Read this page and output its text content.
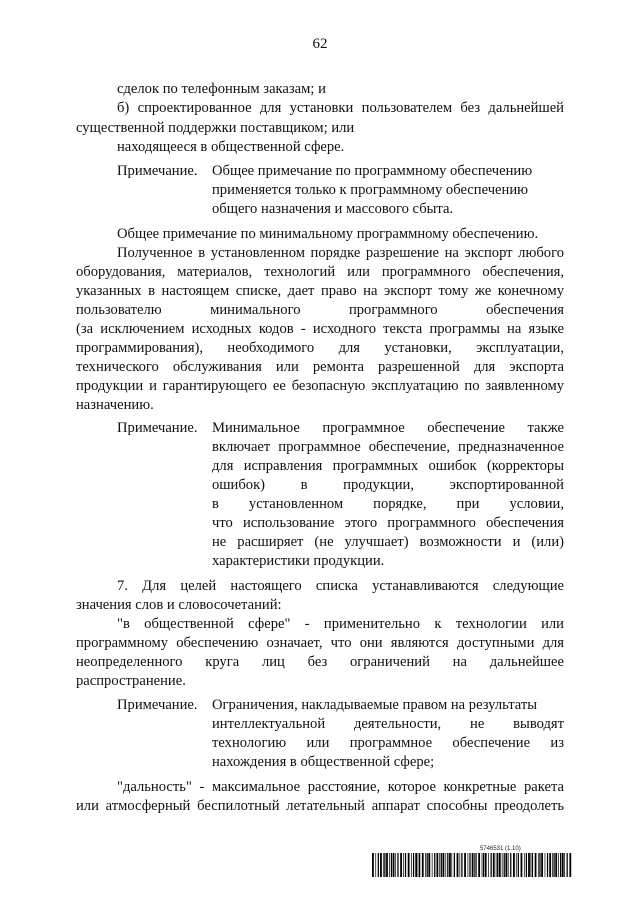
62
сделок по телефонным заказам; и
б) спроектированное для установки пользователем без дальнейшей
существенной поддержки поставщиком; или
находящееся в общественной сфере.
Примечание. Общее примечание по программному обеспечению
применяется только к программному обеспечению
общего назначения и массового сбыта.
Общее примечание по минимальному программному обеспечению.
Полученное в установленном порядке разрешение на экспорт любого
оборудования, материалов, технологий или программного обеспечения,
указанных в настоящем списке, дает право на экспорт тому же конечному
пользователю минимального программного обеспечения
(за исключением исходных кодов - исходного текста программы на языке
программирования), необходимого для установки, эксплуатации,
технического обслуживания или ремонта разрешенной для экспорта
продукции и гарантирующего ее безопасную эксплуатацию по заявленному
назначению.
Примечание. Минимальное программное обеспечение также
включает программное обеспечение, предназначенное
для исправления программных ошибок (корректоры
ошибок) в продукции, экспортированной
в установленном порядке, при условии,
что использование этого программного обеспечения
не расширяет (не улучшает) возможности и (или)
характеристики продукции.
7. Для целей настоящего списка устанавливаются следующие
значения слов и словосочетаний:
"в общественной сфере" - применительно к технологии или
программному обеспечению означает, что они являются доступными для
неопределенного круга лиц без ограничений на дальнейшее
распространение.
Примечание. Ограничения, накладываемые правом на результаты
интеллектуальной деятельности, не выводят
технологию или программное обеспечение из
нахождения в общественной сфере;
"дальность" - максимальное расстояние, которое конкретные ракета
или атмосферный беспилотный летательный аппарат способны преодолеть
5746531 (1.10)
